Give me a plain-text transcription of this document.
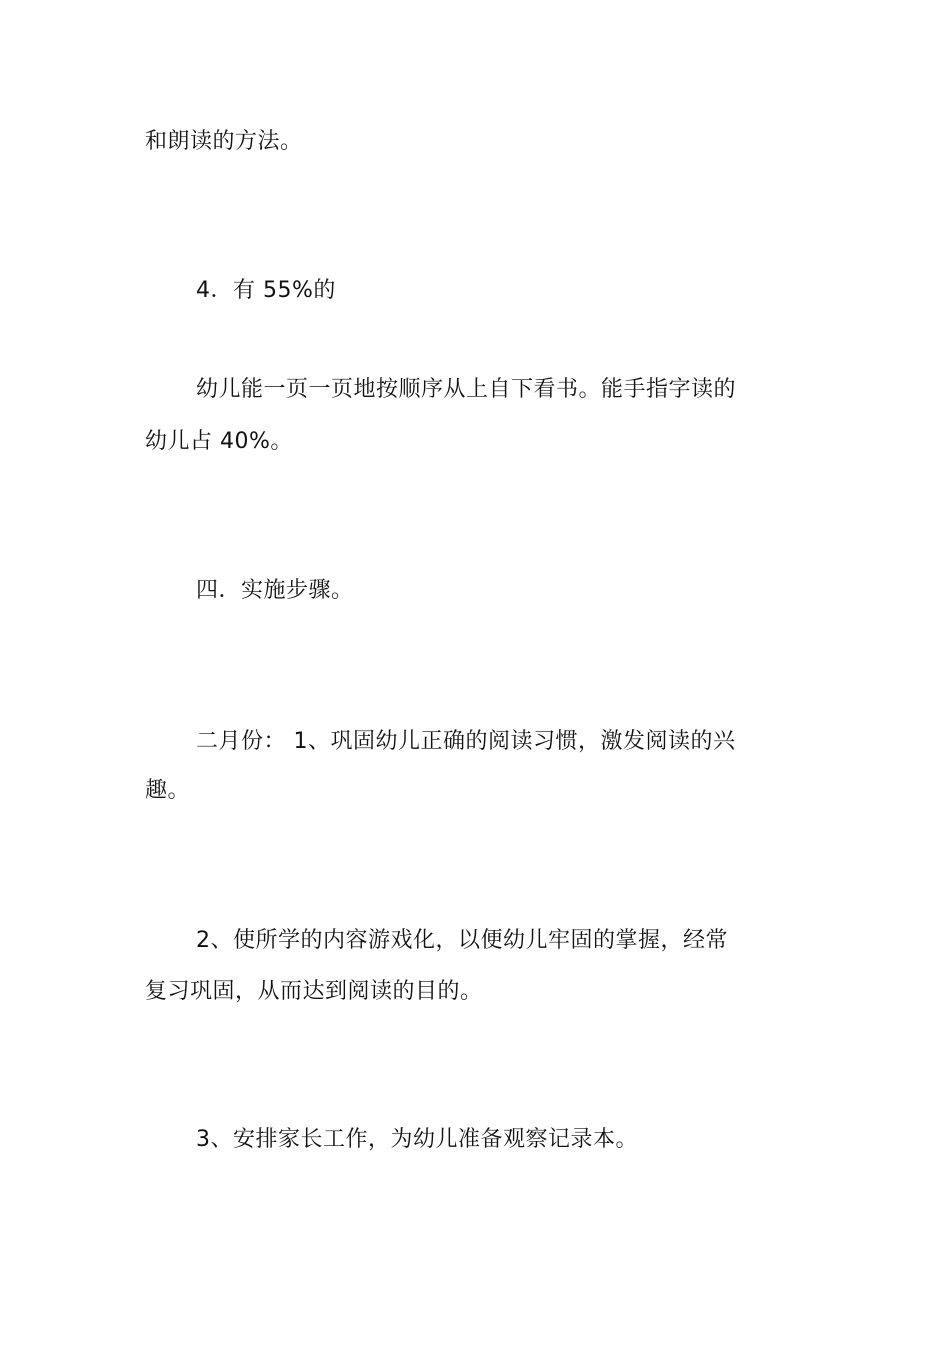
和朗读的方法。
4．有 55%的
幼儿能一页一页地按顺序从上自下看书。能手指字读的
幼儿占 40%。
四．实施步骤。
二月份： 1、巩固幼儿正确的阅读习惯，激发阅读的兴
趣。
2、使所学的内容游戏化，以便幼儿牢固的掌握，经常
复习巩固，从而达到阅读的目的。
3、安排家长工作，为幼儿准备观察记录本。
